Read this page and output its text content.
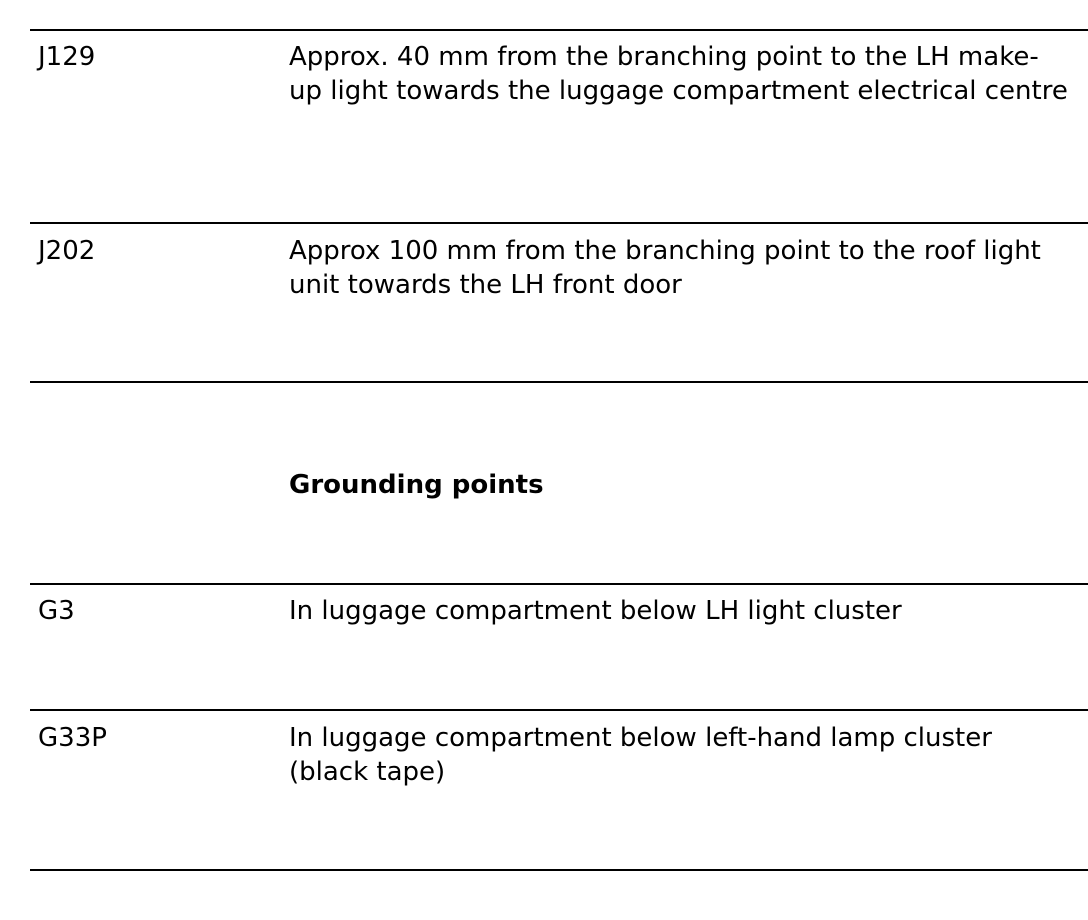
J129	Approx. 40 mm from the branching point to the LH make-up light towards the luggage compartment electrical centre
J202	Approx 100 mm from the branching point to the roof light unit towards the LH front door
Grounding points
G3	In luggage compartment below LH light cluster
G33P	In luggage compartment below left-hand lamp cluster (black tape)
